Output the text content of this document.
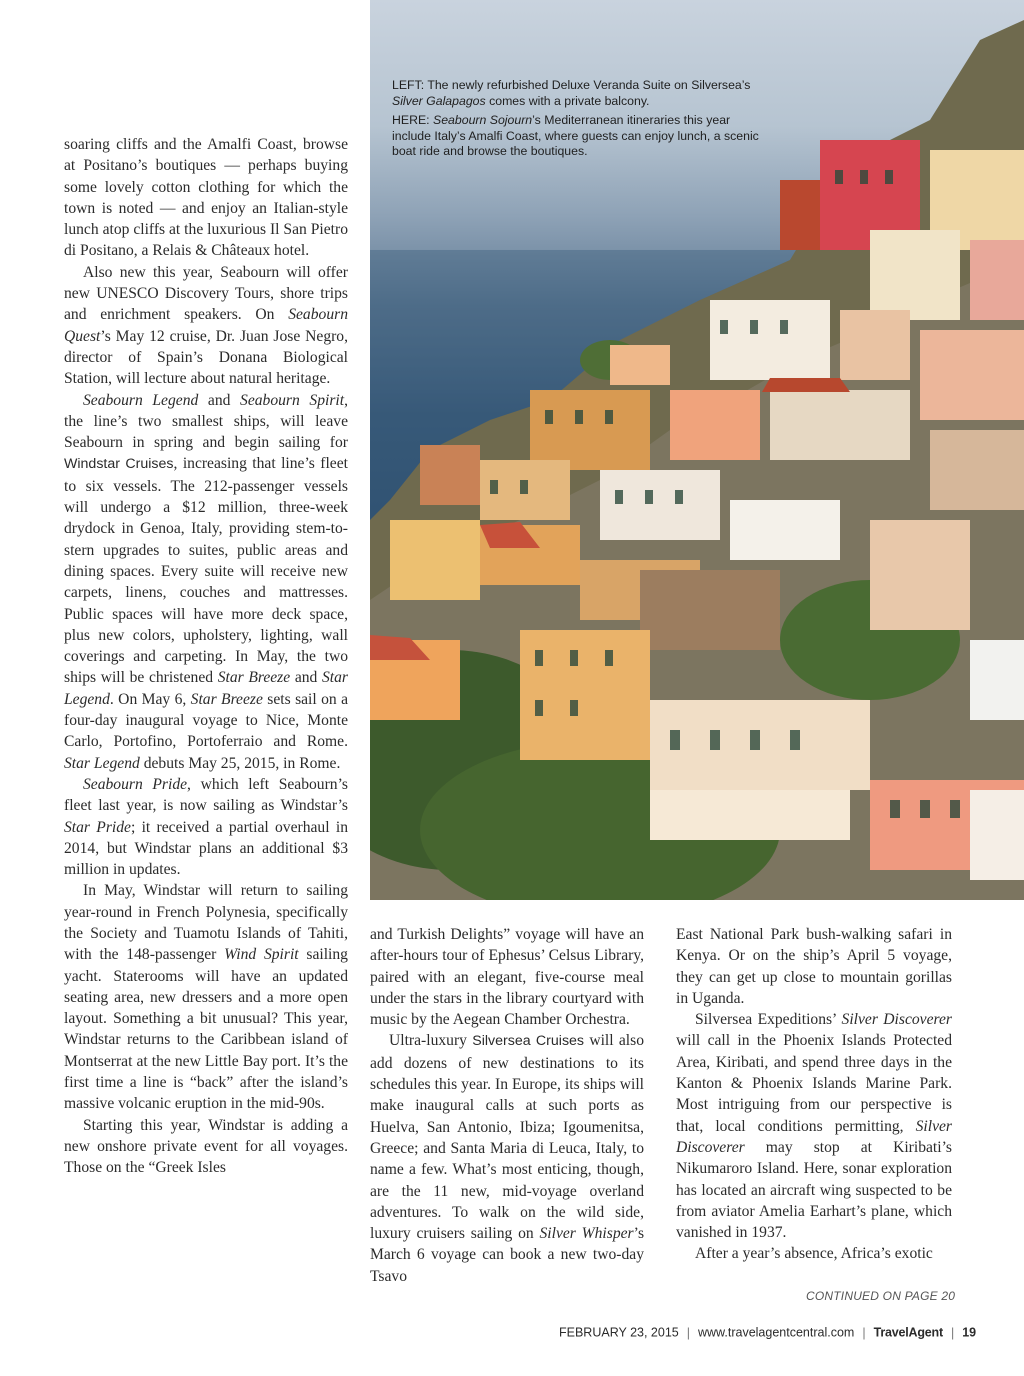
soaring cliffs and the Amalfi Coast, browse at Positano’s boutiques — perhaps buying some lovely cotton clothing for which the town is noted — and enjoy an Italian-style lunch atop cliffs at the luxurious Il San Pietro di Positano, a Relais & Châteaux hotel.

Also new this year, Seabourn will offer new UNESCO Discovery Tours, shore trips and enrichment speakers. On Seabourn Quest’s May 12 cruise, Dr. Juan Jose Negro, director of Spain’s Donana Biological Station, will lecture about natural heritage.

Seabourn Legend and Seabourn Spirit, the line’s two smallest ships, will leave Seabourn in spring and begin sailing for Windstar Cruises, increasing that line’s fleet to six vessels. The 212-passenger vessels will undergo a $12 million, three-week drydock in Genoa, Italy, providing stem-to-stern upgrades to suites, public areas and dining spaces. Every suite will receive new carpets, linens, couches and mattresses. Public spaces will have more deck space, plus new colors, upholstery, lighting, wall coverings and carpeting. In May, the two ships will be christened Star Breeze and Star Legend. On May 6, Star Breeze sets sail on a four-day inaugural voyage to Nice, Monte Carlo, Portofino, Portoferraio and Rome. Star Legend debuts May 25, 2015, in Rome.

Seabourn Pride, which left Seabourn’s fleet last year, is now sailing as Windstar’s Star Pride; it received a partial overhaul in 2014, but Windstar plans an additional $3 million in updates.

In May, Windstar will return to sailing year-round in French Polynesia, specifically the Society and Tuamotu Islands of Tahiti, with the 148-passenger Wind Spirit sailing yacht. Staterooms will have an updated seating area, new dressers and a more open layout. Something a bit unusual? This year, Windstar returns to the Caribbean island of Montserrat at the new Little Bay port. It’s the first time a line is “back” after the island’s massive volcanic eruption in the mid-90s.

Starting this year, Windstar is adding a new onshore private event for all voyages. Those on the “Greek Isles

LEFT: The newly refurbished Deluxe Veranda Suite on Silversea’s Silver Galapagos comes with a private balcony.

HERE: Seabourn Sojourn’s Mediterranean itineraries this year include Italy’s Amalfi Coast, where guests can enjoy lunch, a scenic boat ride and browse the boutiques.

and Turkish Delights” voyage will have an after-hours tour of Ephesus’ Celsus Library, paired with an elegant, five-course meal under the stars in the library courtyard with music by the Aegean Chamber Orchestra.

Ultra-luxury Silversea Cruises will also add dozens of new destinations to its schedules this year. In Europe, its ships will make inaugural calls at such ports as Huelva, San Antonio, Ibiza; Igoumenitsa, Greece; and Santa Maria di Leuca, Italy, to name a few. What’s most enticing, though, are the 11 new, mid-voyage overland adventures. To walk on the wild side, luxury cruisers sailing on Silver Whisper’s March 6 voyage can book a new two-day Tsavo

East National Park bush-walking safari in Kenya. Or on the ship’s April 5 voyage, they can get up close to mountain gorillas in Uganda.

Silversea Expeditions’ Silver Discoverer will call in the Phoenix Islands Protected Area, Kiribati, and spend three days in the Kanton & Phoenix Islands Marine Park. Most intriguing from our perspective is that, local conditions permitting, Silver Discoverer may stop at Kiribati’s Nikumaroro Island. Here, sonar exploration has located an aircraft wing suspected to be from aviator Amelia Earhart’s plane, which vanished in 1937.

After a year’s absence, Africa’s exotic

CONTINUED ON PAGE 20
FEBRUARY 23, 2015 | www.travelagentcentral.com | TravelAgent | 19
